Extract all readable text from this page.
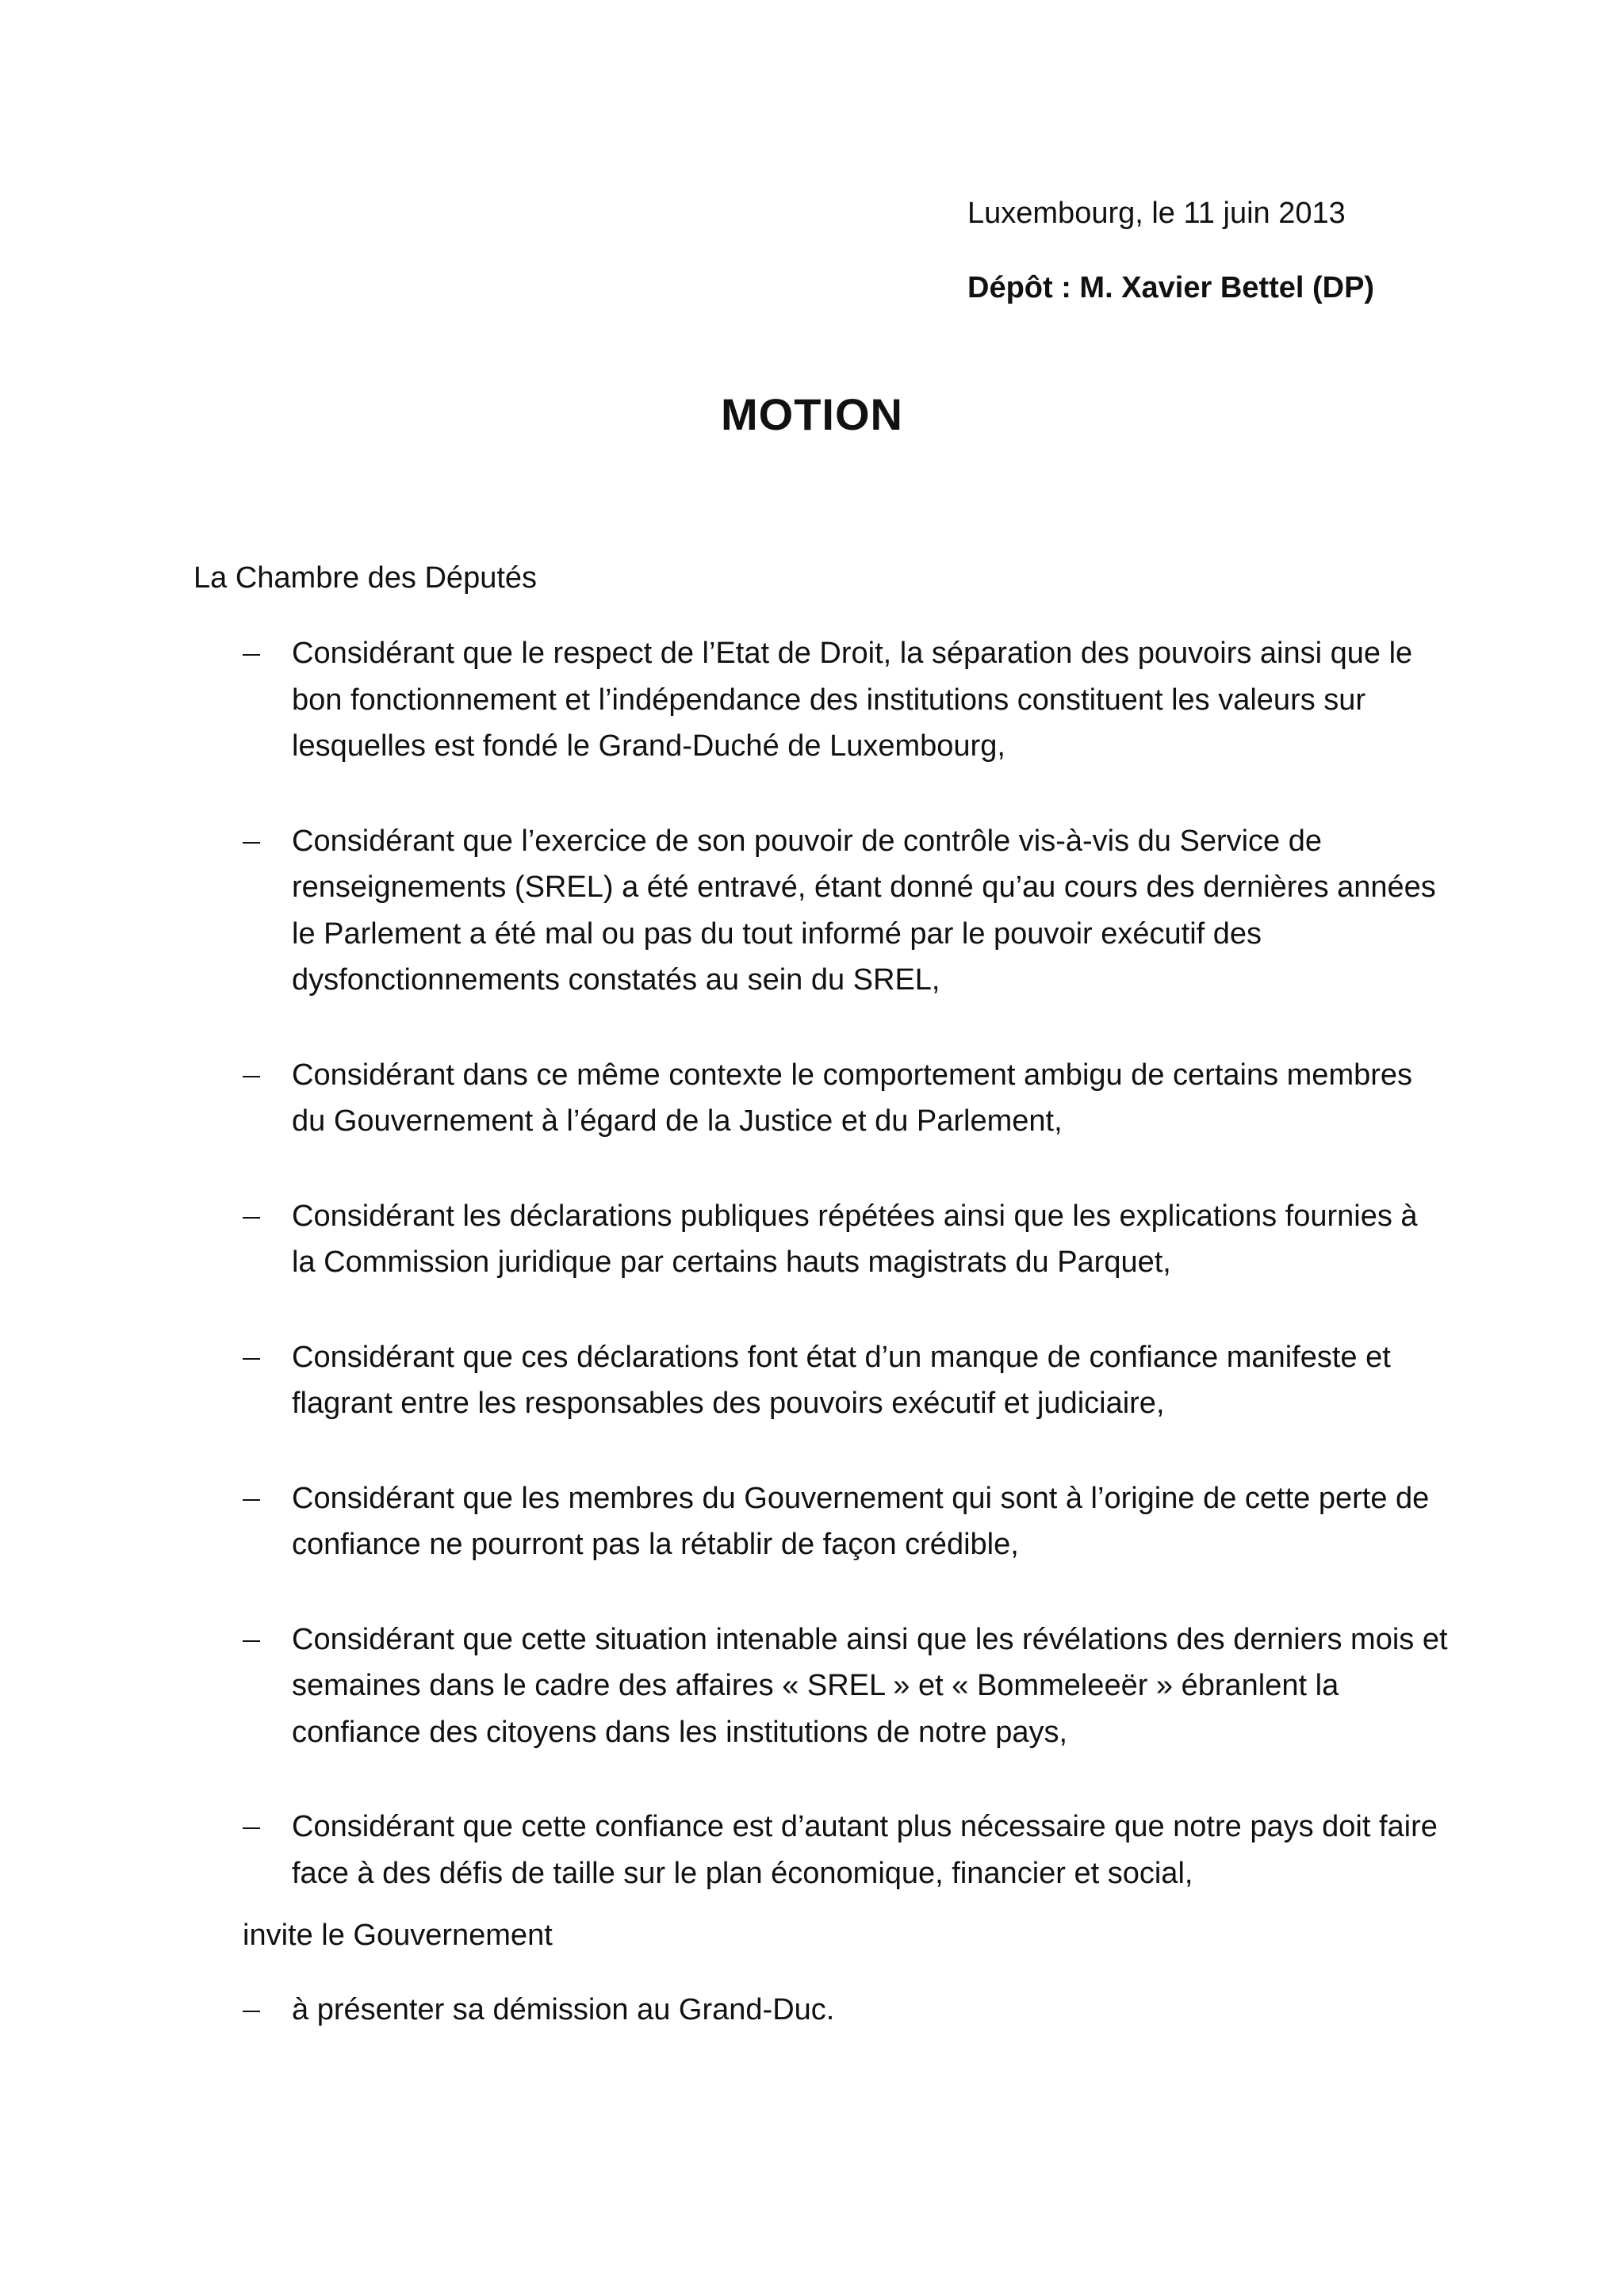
Luxembourg, le 11 juin 2013

Dépôt : M. Xavier Bettel (DP)

MOTION

La Chambre des Députés

Considérant que le respect de l’Etat de Droit, la séparation des pouvoirs ainsi que le bon fonctionnement et l’indépendance des institutions constituent les valeurs sur lesquelles est fondé le Grand-Duché de Luxembourg,
Considérant que l’exercice de son pouvoir de contrôle vis-à-vis du Service de renseignements (SREL) a été entravé, étant donné qu’au cours des dernières années le Parlement a été mal ou pas du tout informé par le pouvoir exécutif des dysfonctionnements constatés au sein du SREL,
Considérant dans ce même contexte le comportement ambigu de certains membres du Gouvernement à l’égard de la Justice et du Parlement,
Considérant les déclarations publiques répétées ainsi que les explications fournies à la Commission juridique par certains hauts magistrats du Parquet,
Considérant que ces déclarations font état d’un manque de confiance manifeste et flagrant entre les responsables des pouvoirs exécutif et judiciaire,
Considérant que les membres du Gouvernement qui sont à l’origine de cette perte de confiance ne pourront pas la rétablir de façon crédible,
Considérant que cette situation intenable ainsi que les révélations des derniers mois et semaines dans le cadre des affaires « SREL » et « Bommeleeër » ébranlent la confiance des citoyens dans les institutions de notre pays,
Considérant que cette confiance est d’autant plus nécessaire que notre pays doit faire face à des défis de taille sur le plan économique, financier et social,

invite le Gouvernement

à présenter sa démission au Grand-Duc.
